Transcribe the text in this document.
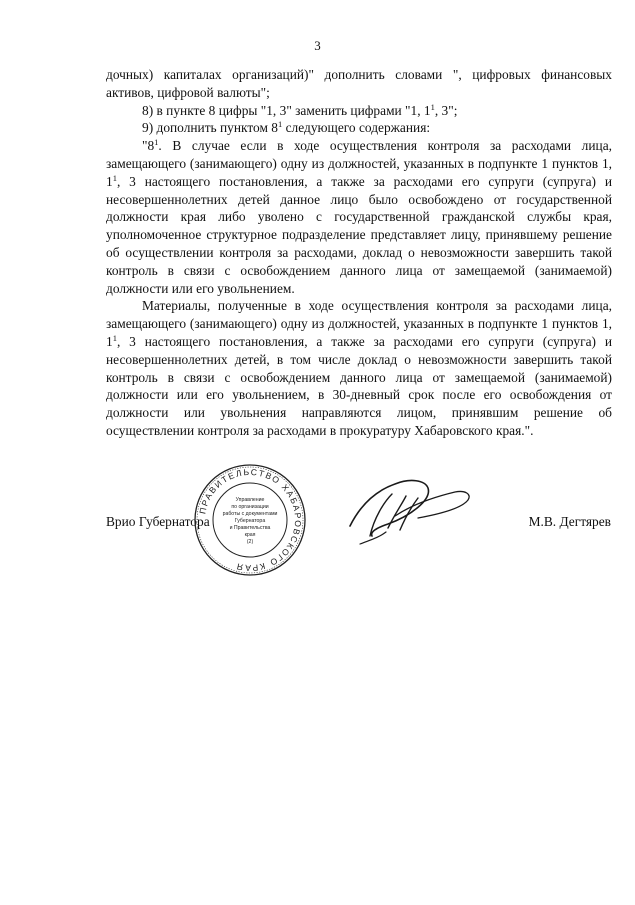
3

дочных) капиталах организаций)" дополнить словами ", цифровых финансовых активов, цифровой валюты";

8) в пункте 8 цифры "1, 3" заменить цифрами "1, $1^1$, 3";

9) дополнить пунктом $8^1$ следующего содержания:

"$8^1$. В случае если в ходе осуществления контроля за расходами лица, замещающего (занимающего) одну из должностей, указанных в подпункте 1 пунктов 1, $1^1$, 3 настоящего постановления, а также за расходами его супруги (супруга) и несовершеннолетних детей данное лицо было освобождено от государственной должности края либо уволено с государственной гражданской службы края, уполномоченное структурное подразделение представляет лицу, принявшему решение об осуществлении контроля за расходами, доклад о невозможности завершить такой контроль в связи с освобождением данного лица от замещаемой (занимаемой) должности или его увольнением.

Материалы, полученные в ходе осуществления контроля за расходами лица, замещающего (занимающего) одну из должностей, указанных в подпункте 1 пунктов 1, $1^1$, 3 настоящего постановления, а также за расходами его супруги (супруга) и несовершеннолетних детей, в том числе доклад о невозможности завершить такой контроль в связи с освобождением данного лица от замещаемой (занимаемой) должности или его увольнением, в 30-дневный срок после его освобождения от должности или увольнения направляются лицом, принявшим решение об осуществлении контроля за расходами в прокуратуру Хабаровского края.".

Врио Губернатора	М.В. Дегтярев
ПРАВИТЕЛЬСТВО ХАБАРОВСКОГО КРАЯ
Управление
по организации
работы с документами
Губернатора
и Правительства
края
(2)
